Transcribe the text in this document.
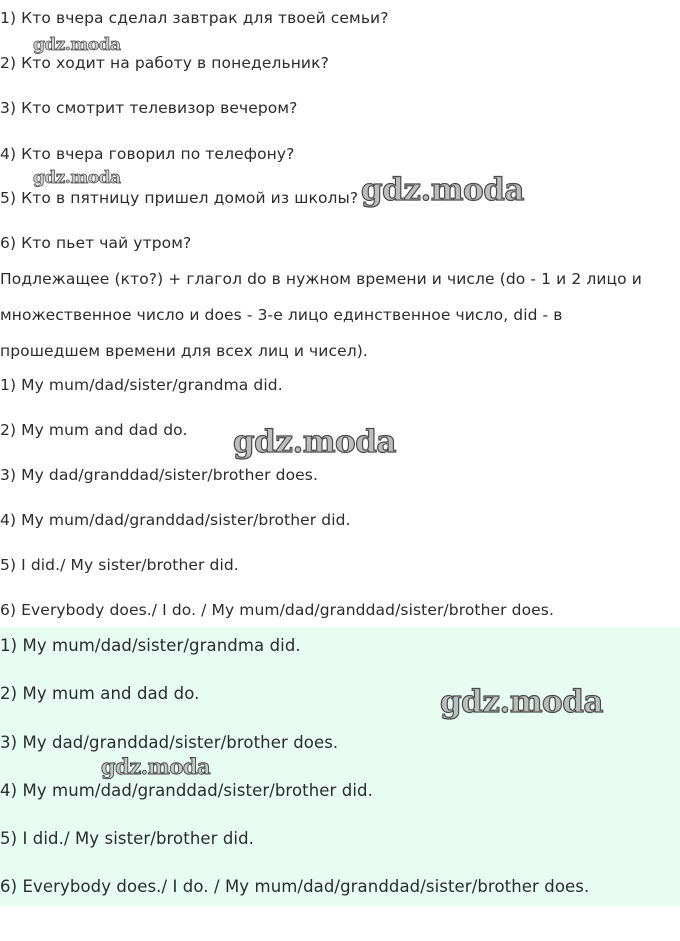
1) Кто вчера сделал завтрак для твоей семьи?
2) Кто ходит на работу в понедельник?
3) Кто смотрит телевизор вечером?
4) Кто вчера говорил по телефону?
5) Кто в пятницу пришел домой из школы?
6) Кто пьет чай утром?
Подлежащее (кто?) + глагол do в нужном времени и числе (do - 1 и 2 лицо и
множественное число и does - 3-е лицо единственное число, did - в
прошедшем времени для всех лиц и чисел).
1) My mum/dad/sister/grandma did.
2) My mum and dad do.
3) My dad/granddad/sister/brother does.
4) My mum/dad/granddad/sister/brother did.
5) I did./ My sister/brother did.
6) Everybody does./ I do. / My mum/dad/granddad/sister/brother does.
1) My mum/dad/sister/grandma did.
2) My mum and dad do.
3) My dad/granddad/sister/brother does.
4) My mum/dad/granddad/sister/brother did.
5) I did./ My sister/brother did.
6) Everybody does./ I do. / My mum/dad/granddad/sister/brother does.
gdz.moda
gdz.moda	gdz.moda
gdz.moda
gdz.moda
gdz.moda
